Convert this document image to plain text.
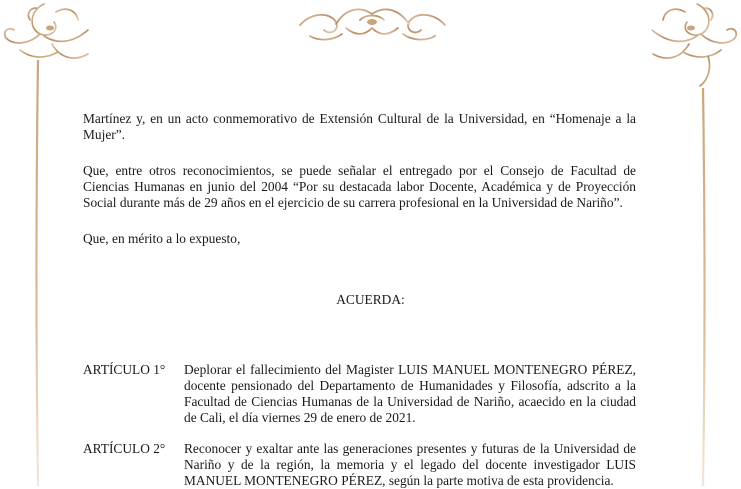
Martínez y, en un acto conmemorativo de Extensión Cultural de la Universidad, en “Homenaje a la Mujer”.

Que, entre otros reconocimientos, se puede señalar el entregado por el Consejo de Facultad de Ciencias Humanas en junio del 2004 “Por su destacada labor Docente, Académica y de Proyección Social durante más de 29 años en el ejercicio de su carrera profesional en la Universidad de Nariño”.

Que, en mérito a lo expuesto,

ACUERDA:

ARTÍCULO 1° Deplorar el fallecimiento del Magister LUIS MANUEL MONTENEGRO PÉREZ, docente pensionado del Departamento de Humanidades y Filosofía, adscrito a la Facultad de Ciencias Humanas de la Universidad de Nariño, acaecido en la ciudad de Cali, el día viernes 29 de enero de 2021.

ARTÍCULO 2° Reconocer y exaltar ante las generaciones presentes y futuras de la Universidad de Nariño y de la región, la memoria y el legado del docente investigador LUIS MANUEL MONTENEGRO PÉREZ, según la parte motiva de esta providencia.
